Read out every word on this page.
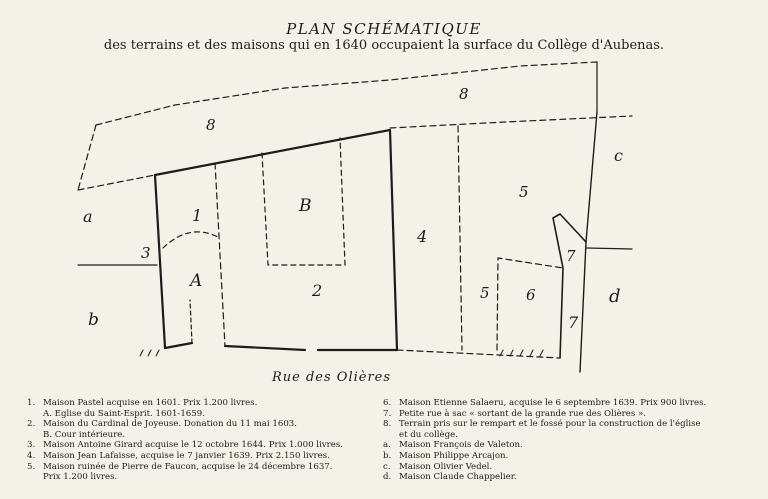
PLAN SCHÉMATIQUE
des terrains et des maisons qui en 1640 occupaient la surface du Collège d'Aubenas.
a
b
c
d
8
8
1
3
A
B
2
4
5
5 6
7
7
Rue des Olières
1. Maison Pastel acquise en 1601. Prix 1.200 livres.
A. Eglise du Saint-Esprit. 1601-1659.
2. Maison du Cardinal de Joyeuse. Donation du 11 mai 1603.
B. Cour intérieure.
3. Maison Antoine Girard acquise le 12 octobre 1644. Prix 1.000 livres.
4. Maison Jean Lafaisse, acquise le 7 janvier 1639. Prix 2.150 livres.
5. Maison ruinée de Pierre de Faucon, acquise le 24 décembre 1637.
Prix 1.200 livres.
6. Maison Etienne Salaeru, acquise le 6 septembre 1639. Prix 900 livres.
7. Petite rue à sac « sortant de la grande rue des Olières ».
8. Terrain pris sur le rempart et le fossé pour la construction de l'église
et du collège.
a. Maison François de Valeton.
b. Maison Philippe Arcajon.
c. Maison Olivier Vedel.
d. Maison Claude Chappelier.
